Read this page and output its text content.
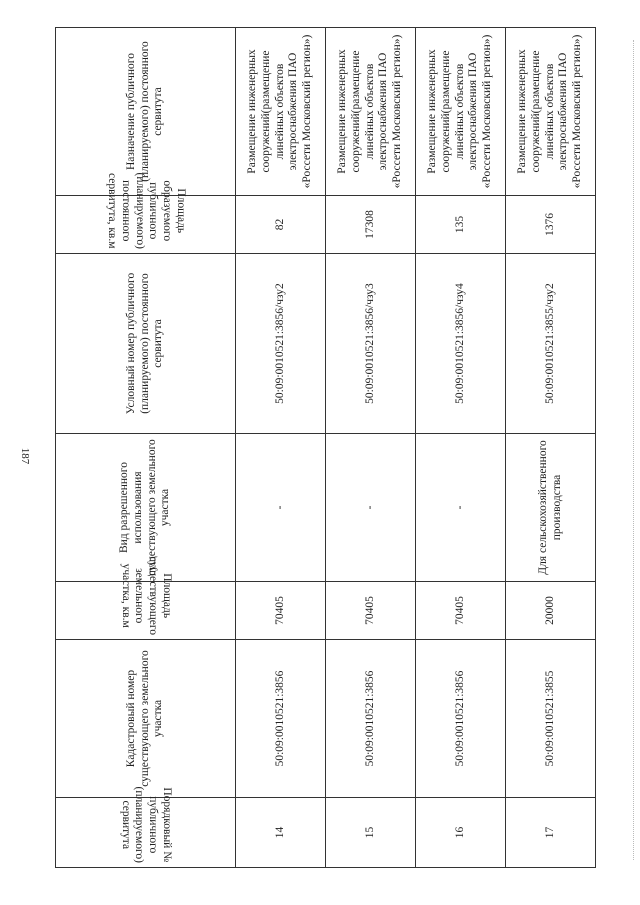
187
Порядковый № публичного (планируемого) сервитута	Кадастровый номер существующего земельного участка	Площадь существующего земельного участка, кв.м	Вид разрешенного использования существующего земельного участка	Условный номер публичного (планируемого) постоянного сервитута	Площадь образуемого публичного (планируемого) постоянного сервитута, кв.м	Назначение публичного (планируемого) постоянного сервитута
14	50:09:0010521:3856	70405	-	50:09:0010521:3856/чзу2	82	Размещение инженерных сооружений(размещение линейных объектов электроснабжения ПАО «Россети Московский регион»)
15	50:09:0010521:3856	70405	-	50:09:0010521:3856/чзу3	17308	Размещение инженерных сооружений(размещение линейных объектов электроснабжения ПАО «Россети Московский регион»)
16	50:09:0010521:3856	70405	-	50:09:0010521:3856/чзу4	135	Размещение инженерных сооружений(размещение линейных объектов электроснабжения ПАО «Россети Московский регион»)
17	50:09:0010521:3855	20000	Для сельскохозяйственного производства	50:09:0010521:3855/чзу2	1376	Размещение инженерных сооружений(размещение линейных объектов электроснабжения ПАО «Россети Московский регион»)
